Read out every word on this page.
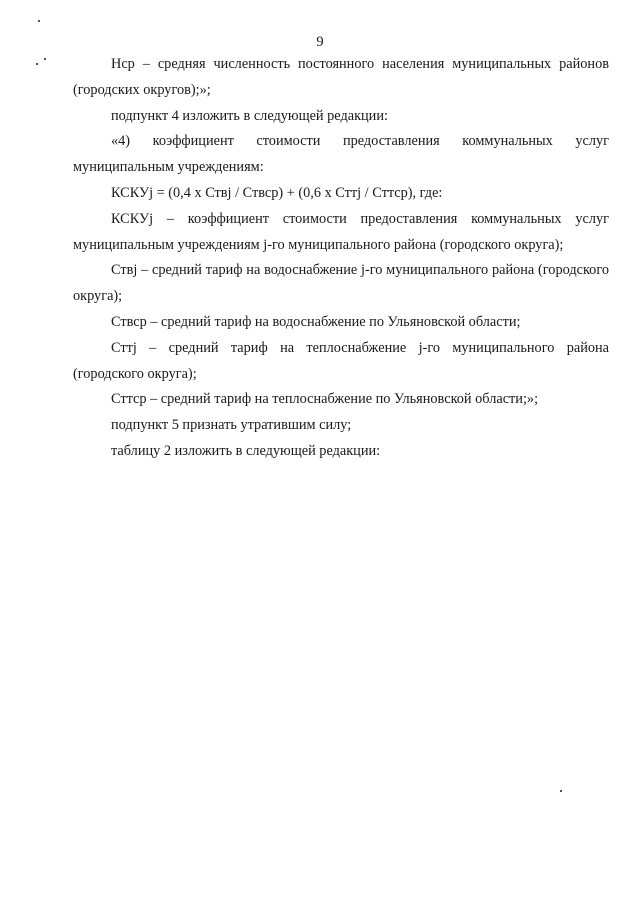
9

Нср – средняя численность постоянного населения муниципальных районов (городских округов);»;

подпункт 4 изложить в следующей редакции:

«4) коэффициент стоимости предоставления коммунальных услуг муниципальным учреждениям:

КСКУj = (0,4 х Ствj / Ствср) + (0,6 х Сттj / Сттср), где:

КСКУj – коэффициент стоимости предоставления коммунальных услуг муниципальным учреждениям j-го муниципального района (городского округа);

Ствj – средний тариф на водоснабжение j-го муниципального района (городского округа);

Ствср – средний тариф на водоснабжение по Ульяновской области;

Сттj – средний тариф на теплоснабжение j-го муниципального района (городского округа);

Сттср – средний тариф на теплоснабжение по Ульяновской области;»;

подпункт 5 признать утратившим силу;

таблицу 2 изложить в следующей редакции:
